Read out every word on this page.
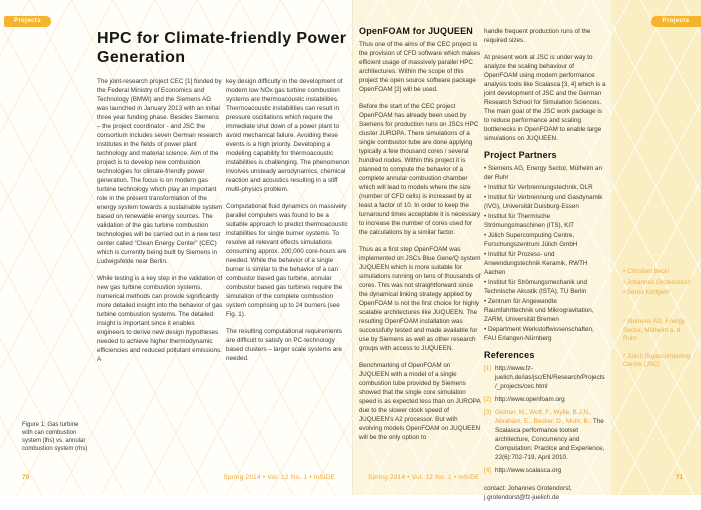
Projects
HPC for Climate-friendly Power Generation

The joint-research project CEC [1] funded by the Federal Ministry of Economics and Technology (BMWi) and the Siemens AG was launched in January 2013 with an initial three year funding phase. Besides Siemens – the project coordinator - and JSC the consortium includes seven German research institutes in the fields of power plant technology and material science. Aim of the project is to develop new combustion technologies for climate-friendly power generation. The focus is on modern gas turbine technology which play an important role in the present transformation of the energy system towards a sustainable system based on renewable energy sources. The validation of the gas turbine combustion technologies will be carried out in a new test center called “Clean Energy Center” (CEC) which is currently being built by Siemens in Ludwigsfelde near Berlin.

While testing is a key step in the validation of new gas turbine combustion systems, numerical methods can provide significantly more detailed insight into the behavior of gas turbine combustion systems. The detailed insight is important since it enables engineers to derive new design hypotheses needed to achieve higher thermodynamic efficiencies and reduced pollutant emissions. A

key design difficulty in the development of modern low NOx gas turbine combustion systems are thermoacoustic instabilities. Thermoacoustic instabilities can result in pressure oscillations which require the immediate shut down of a power plant to avoid mechanical failure. Avoiding these events is a high priority. Developing a modeling capability for thermoacoustic instabilities is challenging. The phenomenon involves unsteady aerodynamics, chemical reaction and acoustics resulting in a stiff multi-physics problem.

Computational fluid dynamics on massively parallel computers was found to be a suitable approach to predict thermoacoustic instabilities for single burner systems. To resolve all relevant effects simulations consuming approx. 200,000 core-hours are needed. While the behavior of a single burner is similar to the behavior of a can combustor based gas turbine, annular combustor based gas turbines require the simulation of the complete combustion system comprising up to 24 burners (see Fig. 1).

The resulting computational requirements are difficult to satisfy on PC-technology based clusters – larger scale systems are needed.

Figure 1: Gas turbine with can combustion system (lhs) vs. annular combustion system (rhs)
70	Spring 2014 • Vol. 12 No. 1 • inSiDE
• Christian Beck¹
• Johannes Grotendorst²
• Bernd Körfgen²

¹ Siemens AG, Energy Sector, Mülheim a. d. Ruhr

² Jülich Supercomputing Centre (JSC)

Projects
OpenFOAM for JUQUEEN

Thus one of the aims of the CEC project is the provision of CFD software which makes efficient usage of massively parallel HPC architectures. Within the scope of this project the open source software package OpenFOAM [2] will be used.

Before the start of the CEC project OpenFOAM has already been used by Siemens for production runs on JSCs HPC cluster JUROPA. There simulations of a single combustor tube are done applying typically a few thousand cores / several hundred nodes. Within this project it is planned to compute the behavior of a complete annular combustion chamber which will lead to models where the size (number of CFD cells) is increased by at least a factor of 10. In order to keep the turnaround times acceptable it is necessary to increase the number of cores used for the calculations by a similar factor.

Thus as a first step OpenFOAM was implemented on JSCs Blue Gene/Q system JUQUEEN which is more suitable for simulations running on tens of thousands of cores. This was not straightforward since the dynamical linking strategy applied by OpenFOAM is not the first choice for highly scalable architectures like JUQUEEN. The resulting OpenFOAM installation was successfully tested and made available for use by Siemens as well as other research groups with access to JUQUEEN.

Benchmarking of OpenFOAM on JUQUEEN with a model of a single combustion tube provided by Siemens showed that the single core simulation speed is as expected less than on JUROPA due to the slower clock speed of JUQUEEN’s A2 processor. But with evolving models OpenFOAM on JUQUEEN will be the only option to

handle frequent production runs of the required sizes.

At present work at JSC is under way to analyze the scaling behaviour of OpenFOAM using modern performance analysis tools like Scalasca [3, 4] which is a joint development of JSC and the German Research School for Simulation Sciences. The main goal of the JSC work package is to reduce performance and scaling bottlenecks in OpenFOAM to enable large simulations on JUQUEEN.

Project Partners
• Siemens AG, Energy Sector, Mülheim an der Ruhr
• Institut für Verbrennungstechnik, DLR
• Institut für Verbrennung und Gasdynamik (IVG), Universität Duisburg-Essen
• Institut für Thermische Strömungsmaschinen (ITS), KIT
• Jülich Supercomputing Centre, Forschungszentrum Jülich GmbH
• Institut für Prozess- und Anwendungstechnik Keramik, RWTH Aachen
• Institut für Strömungsmechanik und Technische Akustik (ISTA), TU Berlin
• Zentrum für Angewandte Raumfahrttechnik und Mikrogravitation, ZARM, Universität Bremen
• Department Werkstoffwissenschaften, FAU Erlangen-Nürnberg
References
[1] http://www.fz-juelich.de/ias/jsc/EN/Research/Projects/_projects/cec.html
[2] http://www.openfoam.org
[3] Geimer, M., Wolf, F., Wylie, B.J.N., Abrahám, E., Becker, D., Mohr, B.: The Scalasca performance toolset architecture, Concurrency and Computation: Practice and Experience, 22(6):702-719, April 2010.
[4] http://www.scalasca.org

contact: Johannes Grotendorst,
j.grotendorst@fz-juelich.de

71
Spring 2014 • Vol. 12 No. 1 • inSiDE
